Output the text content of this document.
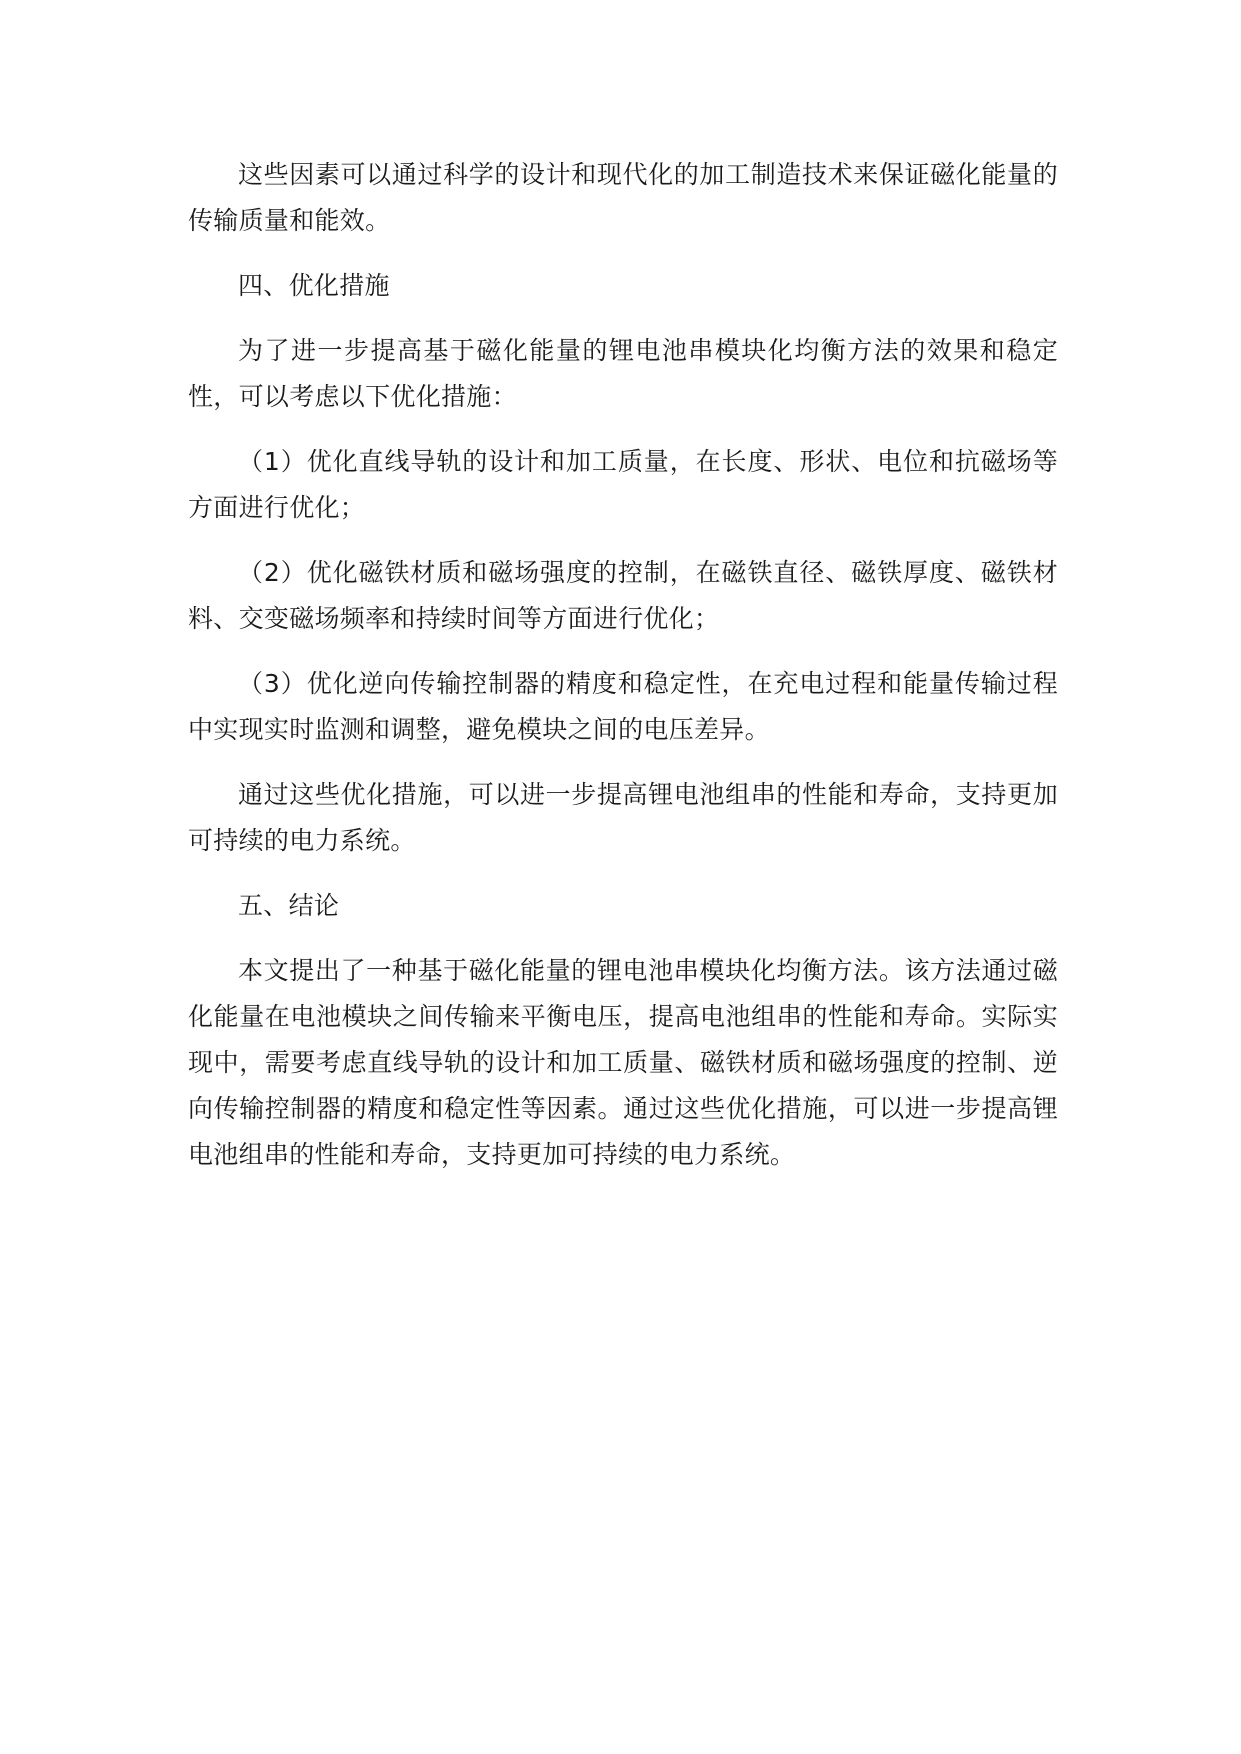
这些因素可以通过科学的设计和现代化的加工制造技术来保证磁化能量的传输质量和能效。

四、优化措施

为了进一步提高基于磁化能量的锂电池串模块化均衡方法的效果和稳定性，可以考虑以下优化措施：

（1）优化直线导轨的设计和加工质量，在长度、形状、电位和抗磁场等方面进行优化；

（2）优化磁铁材质和磁场强度的控制，在磁铁直径、磁铁厚度、磁铁材料、交变磁场频率和持续时间等方面进行优化；

（3）优化逆向传输控制器的精度和稳定性，在充电过程和能量传输过程中实现实时监测和调整，避免模块之间的电压差异。

通过这些优化措施，可以进一步提高锂电池组串的性能和寿命，支持更加可持续的电力系统。

五、结论

本文提出了一种基于磁化能量的锂电池串模块化均衡方法。该方法通过磁化能量在电池模块之间传输来平衡电压，提高电池组串的性能和寿命。实际实现中，需要考虑直线导轨的设计和加工质量、磁铁材质和磁场强度的控制、逆向传输控制器的精度和稳定性等因素。通过这些优化措施，可以进一步提高锂电池组串的性能和寿命，支持更加可持续的电力系统。
